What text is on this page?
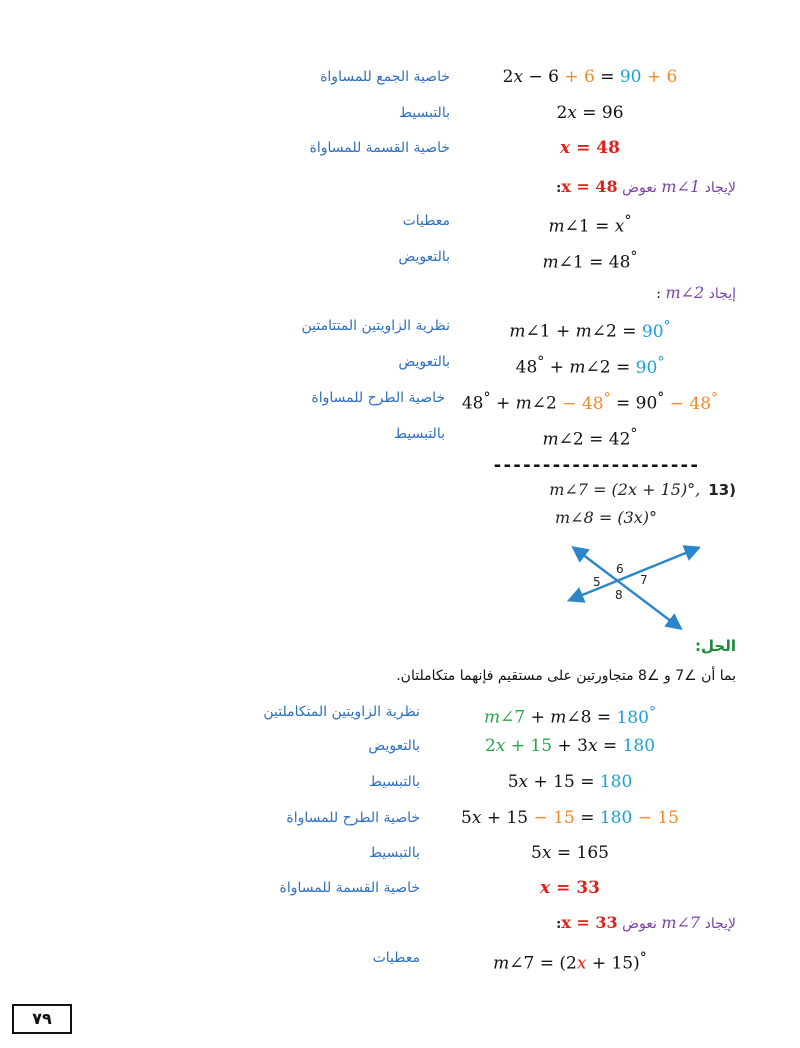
2x − 6 + 6 = 90 + 6
خاصية الجمع للمساواة
2x = 96
بالتبسيط
x = 48
خاصية القسمة للمساواة
لإيجاد m∠1 نعوض x = 48:
m∠1 = x°
معطيات
m∠1 = 48°
بالتعويض
إيجاد m∠2 :
m∠1 + m∠2 = 90°
نظرية الزاويتين المتتامتين
48° + m∠2 = 90°
بالتعويض
48° + m∠2 − 48° = 90° − 48°
خاصية الطرح للمساواة
m∠2 = 42°
بالتبسيط
---------------------
m∠7 = (2x + 15)°, 13)
m∠8 = (3x)°
6
5	7
8
الحل:
بما أن ∠7 و ∠8 متجاورتين على مستقيم فإنهما متكاملتان.
m∠7 + m∠8 = 180°
نظرية الزاويتين المتكاملتين
2x + 15 + 3x = 180
بالتعويض
5x + 15 = 180
بالتبسيط
5x + 15 − 15 = 180 − 15
خاصية الطرح للمساواة
5x = 165
بالتبسيط
x = 33
خاصية القسمة للمساواة
لإيجاد m∠7 نعوض x = 33:
m∠7 = (2x + 15)°
معطيات
٧٩
